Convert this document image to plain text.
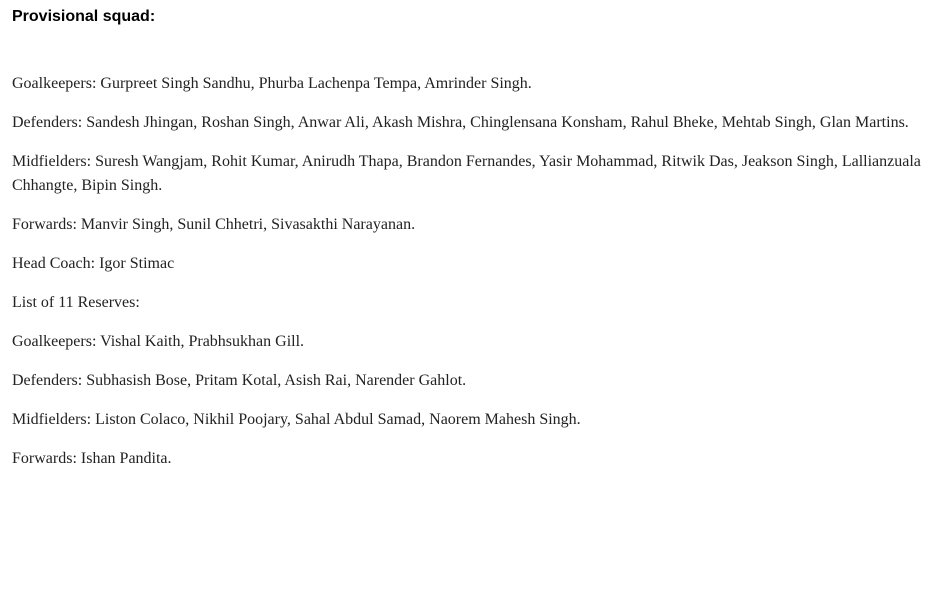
Provisional squad:

Goalkeepers: Gurpreet Singh Sandhu, Phurba Lachenpa Tempa, Amrinder Singh.

Defenders: Sandesh Jhingan, Roshan Singh, Anwar Ali, Akash Mishra, Chinglensana Konsham, Rahul Bheke, Mehtab Singh, Glan Martins.

Midfielders: Suresh Wangjam, Rohit Kumar, Anirudh Thapa, Brandon Fernandes, Yasir Mohammad, Ritwik Das, Jeakson Singh, Lallianzuala Chhangte, Bipin Singh.

Forwards: Manvir Singh, Sunil Chhetri, Sivasakthi Narayanan.

Head Coach: Igor Stimac

List of 11 Reserves:

Goalkeepers: Vishal Kaith, Prabhsukhan Gill.

Defenders: Subhasish Bose, Pritam Kotal, Asish Rai, Narender Gahlot.

Midfielders: Liston Colaco, Nikhil Poojary, Sahal Abdul Samad, Naorem Mahesh Singh.

Forwards: Ishan Pandita.
